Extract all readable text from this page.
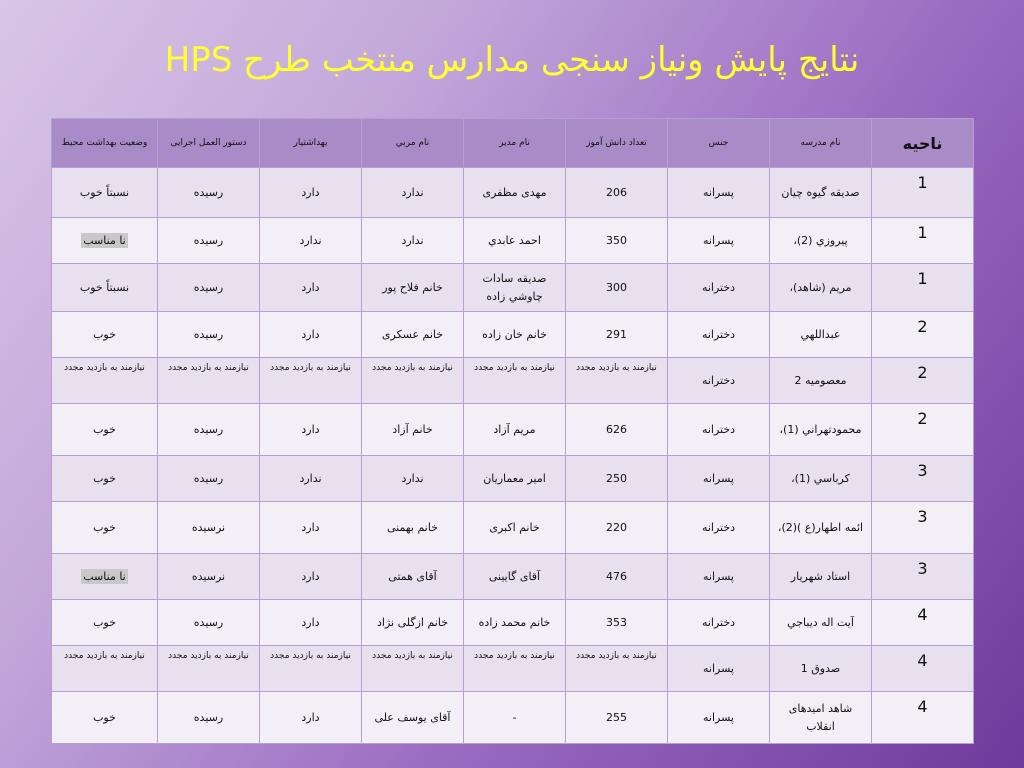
نتايج پايش ونياز سنجی مدارس منتخب طرح HPS
ناحيه	نام مدرسه	جنس	تعداد دانش آموز	نام مدير	نام مربي	بهداشتيار	دستور العمل اجرایی	وضعيت بهداشت محيط
1	صديقه گيوه چيان	پسرانه	206	مهدی مظفری	ندارد	دارد	رسيده	نسبتاً خوب
1	پيروزي (2)،	پسرانه	350	احمد عابدي	ندارد	ندارد	رسيده	نا مناسب
1	مريم (شاهد)،	دخترانه	300	صديقه سادات چاوشي زاده	خانم فلاح پور	دارد	رسيده	نسبتاً خوب
2	عبداللهي	دخترانه	291	خانم خان زاده	خانم عسکری	دارد	رسيده	خوب
2	معصوميه 2	دخترانه	نیازمند به بازديد مجدد	نیازمند به بازديد مجدد	نیازمند به بازديد مجدد	نیازمند به بازديد مجدد	نیازمند به بازديد مجدد	نیازمند به بازديد مجدد
2	محمودتهراني (1)،	دخترانه	626	مريم آزاد	خانم آزاد	دارد	رسيده	خوب
3	کرباسي (1)،	پسرانه	250	امير معماريان	ندارد	ندارد	رسيده	خوب
3	ائمه اطهار(ع )(2)،	دخترانه	220	خانم اکبری	خانم بهمنی	دارد	نرسيده	خوب
3	استاد شهريار	پسرانه	476	آقای گايينی	آقای همتی	دارد	نرسيده	نا مناسب
4	آيت اله ديباجي	دخترانه	353	خانم محمد زاده	خانم ازگلی نژاد	دارد	رسيده	خوب
4	صدوق 1	پسرانه	نیازمند به بازديد مجدد	نیازمند به بازديد مجدد	نیازمند به بازديد مجدد	نیازمند به بازديد مجدد	نیازمند به بازديد مجدد	نیازمند به بازديد مجدد
4	شاهد اميدهای انقلاب	پسرانه	255	-	آقای يوسف علی	دارد	رسيده	خوب
